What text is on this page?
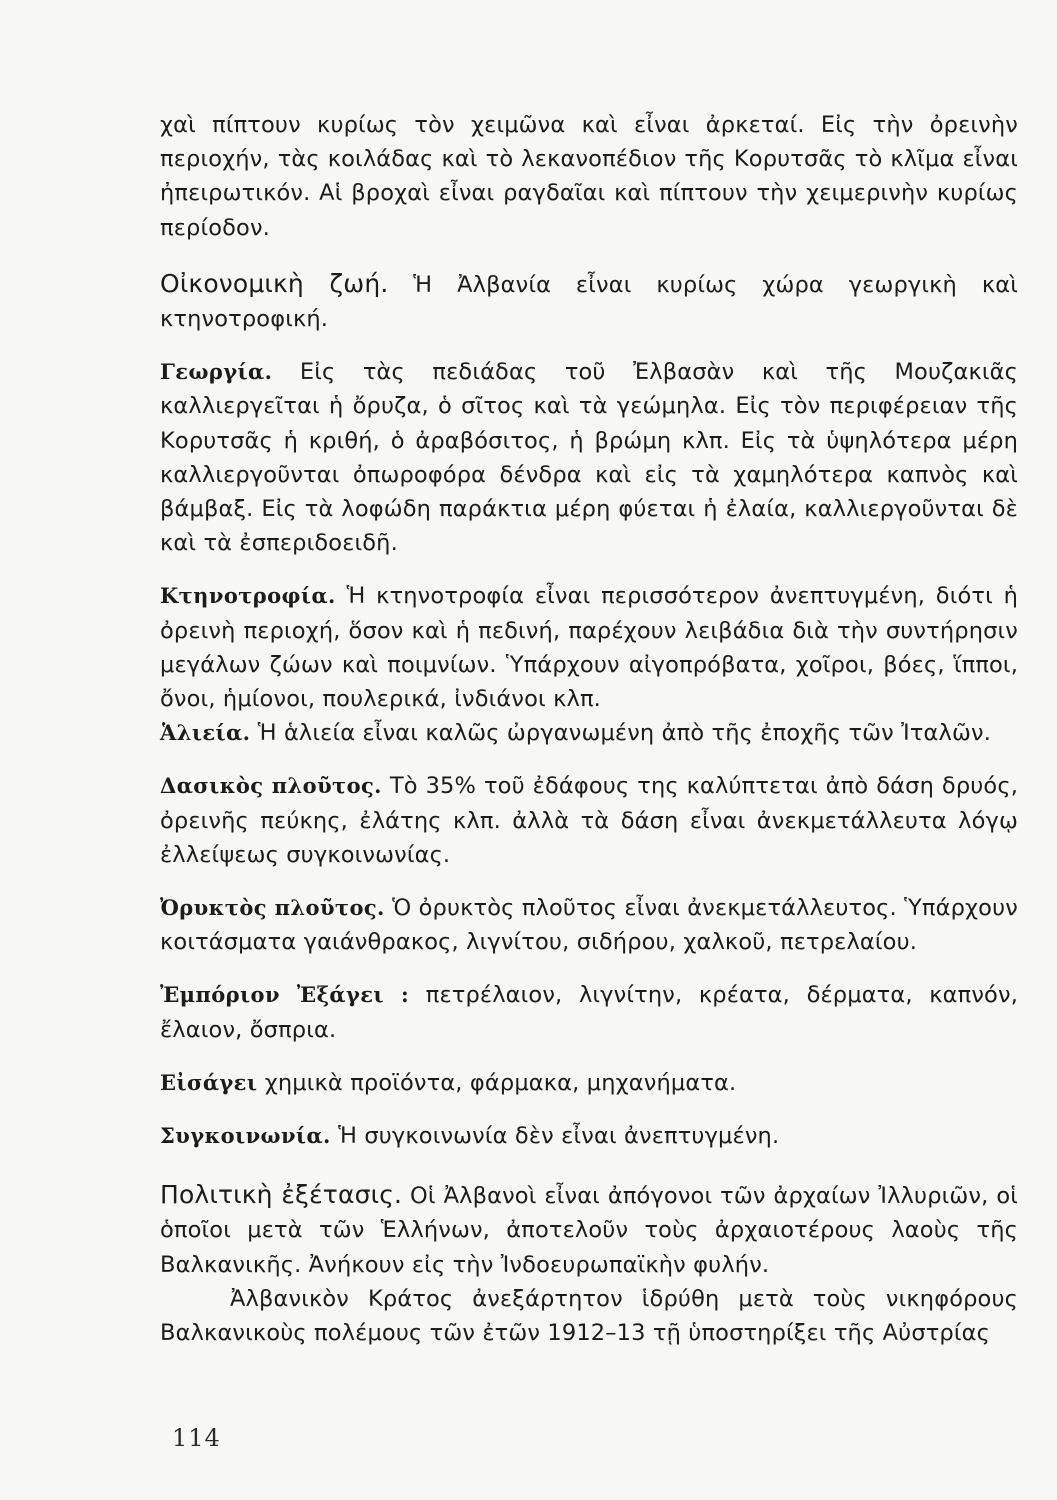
χαὶ πίπτουν κυρίως τὸν χειμῶνα καὶ εἶναι ἀρκεταί. Εἰς τὴν ὀρεινὴν περιοχήν, τὰς κοιλάδας καὶ τὸ λεκανοπέδιον τῆς Κορυτσᾶς τὸ κλῖμα εἶναι ἠπειρωτικόν. Αἱ βροχαὶ εἶναι ραγδαῖαι καὶ πίπτουν τὴν χειμερινὴν κυρίως περίοδον.

Οἰκονομικὴ ζωή. Ἡ Ἀλβανία εἶναι κυρίως χώρα γεωργικὴ καὶ κτηνοτροφική.

Γεωργία. Εἰς τὰς πεδιάδας τοῦ Ἐλβασὰν καὶ τῆς Μουζακιᾶς καλλιεργεῖται ἡ ὄρυζα, ὁ σῖτος καὶ τὰ γεώμηλα. Εἰς τὸν περιφέρειαν τῆς Κορυτσᾶς ἡ κριθή, ὁ ἀραβόσιτος, ἡ βρώμη κλπ. Εἰς τὰ ὑψηλότερα μέρη καλλιεργοῦνται ὀπωροφόρα δένδρα καὶ εἰς τὰ χαμηλότερα καπνὸς καὶ βάμβαξ. Εἰς τὰ λοφώδη παράκτια μέρη φύεται ἡ ἐλαία, καλλιεργοῦνται δὲ καὶ τὰ ἐσπεριδοειδῆ.

Κτηνοτροφία. Ἡ κτηνοτροφία εἶναι περισσότερον ἀνεπτυγμένη, διότι ἡ ὀρεινὴ περιοχή, ὅσον καὶ ἡ πεδινή, παρέχουν λειβάδια διὰ τὴν συντήρησιν μεγάλων ζώων καὶ ποιμνίων. Ὑπάρχουν αἰγοπρόβατα, χοῖροι, βόες, ἵπποι, ὄνοι, ἡμίονοι, πουλερικά, ἰνδιάνοι κλπ.

Ἁλιεία. Ἡ ἁλιεία εἶναι καλῶς ὠργανωμένη ἀπὸ τῆς ἐποχῆς τῶν Ἰταλῶν.

Δασικὸς πλοῦτος. Τὸ 35% τοῦ ἐδάφους της καλύπτεται ἀπὸ δάση δρυός, ὀρεινῆς πεύκης, ἐλάτης κλπ. ἀλλὰ τὰ δάση εἶναι ἀνεκμετάλλευτα λόγῳ ἐλλείψεως συγκοινωνίας.

Ὀρυκτὸς πλοῦτος. Ὁ ὀρυκτὸς πλοῦτος εἶναι ἀνεκμετάλλευτος. Ὑπάρχουν κοιτάσματα γαιάνθρακος, λιγνίτου, σιδήρου, χαλκοῦ, πετρελαίου.

Ἐμπόριον Ἐξάγει : πετρέλαιον, λιγνίτην, κρέατα, δέρματα, καπνόν, ἔλαιον, ὄσπρια.

Εἰσάγει χημικὰ προϊόντα, φάρμακα, μηχανήματα.

Συγκοινωνία. Ἡ συγκοινωνία δὲν εἶναι ἀνεπτυγμένη.

Πολιτικὴ ἐξέτασις. Οἱ Ἀλβανοὶ εἶναι ἀπόγονοι τῶν ἀρχαίων Ἰλλυριῶν, οἱ ὁποῖοι μετὰ τῶν Ἑλλήνων, ἀποτελοῦν τοὺς ἀρχαιοτέρους λαοὺς τῆς Βαλκανικῆς. Ἀνήκουν εἰς τὴν Ἰνδοευρωπαϊκὴν φυλήν.

Ἀλβανικὸν Κράτος ἀνεξάρτητον ἱδρύθη μετὰ τοὺς νικηφόρους Βαλκανικοὺς πολέμους τῶν ἐτῶν 1912–13 τῇ ὑποστηρίξει τῆς Αὐστρίας

114
